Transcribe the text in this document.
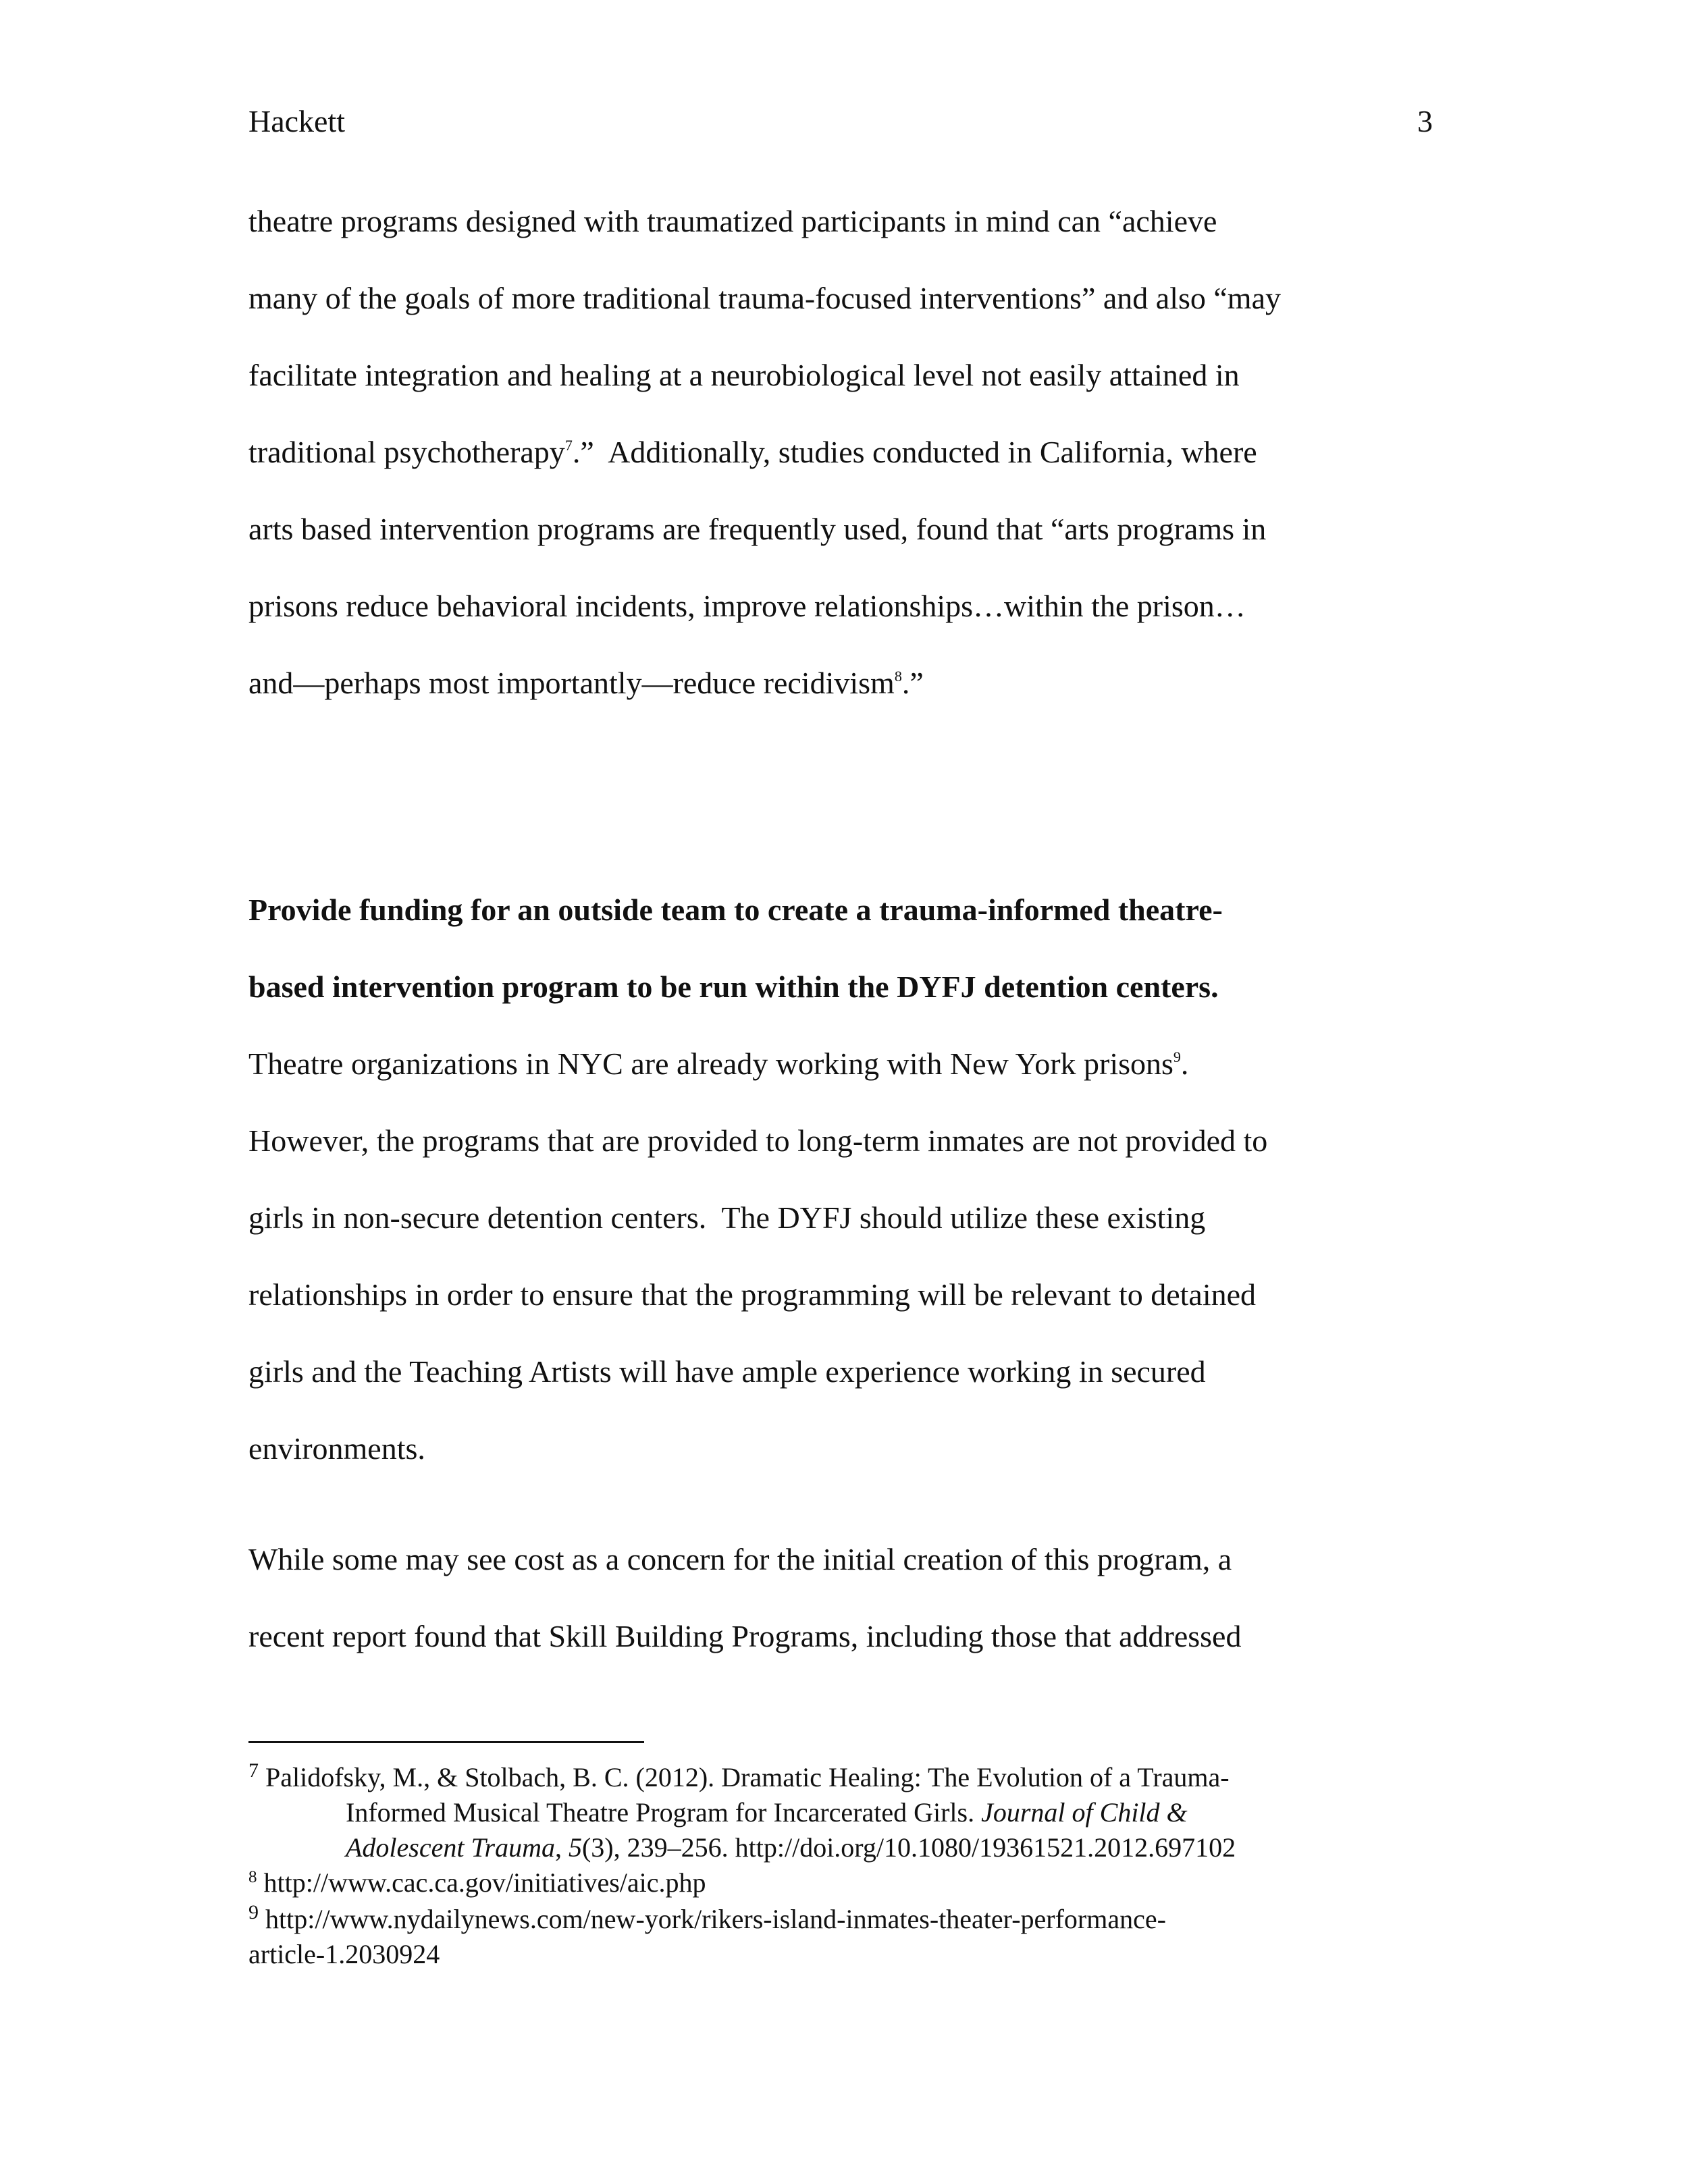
Hackett	3
theatre programs designed with traumatized participants in mind can “achieve
many of the goals of more traditional trauma-focused interventions” and also “may
facilitate integration and healing at a neurobiological level not easily attained in
traditional psychotherapy$^7$.”  Additionally, studies conducted in California, where
arts based intervention programs are frequently used, found that “arts programs in
prisons reduce behavioral incidents, improve relationships…within the prison…
and—perhaps most importantly—reduce recidivism$^8$.”
Provide funding for an outside team to create a trauma-informed theatre-
based intervention program to be run within the DYFJ detention centers.
Theatre organizations in NYC are already working with New York prisons$^9$.
However, the programs that are provided to long-term inmates are not provided to
girls in non-secure detention centers.  The DYFJ should utilize these existing
relationships in order to ensure that the programming will be relevant to detained
girls and the Teaching Artists will have ample experience working in secured
environments.
While some may see cost as a concern for the initial creation of this program, a
recent report found that Skill Building Programs, including those that addressed
$^7$ Palidofsky, M., & Stolbach, B. C. (2012). Dramatic Healing: The Evolution of a Trauma-
Informed Musical Theatre Program for Incarcerated Girls. Journal of Child &
Adolescent Trauma, 5(3), 239–256. http://doi.org/10.1080/19361521.2012.697102
$^8$ http://www.cac.ca.gov/initiatives/aic.php
$^9$ http://www.nydailynews.com/new-york/rikers-island-inmates-theater-performance-
article-1.2030924
